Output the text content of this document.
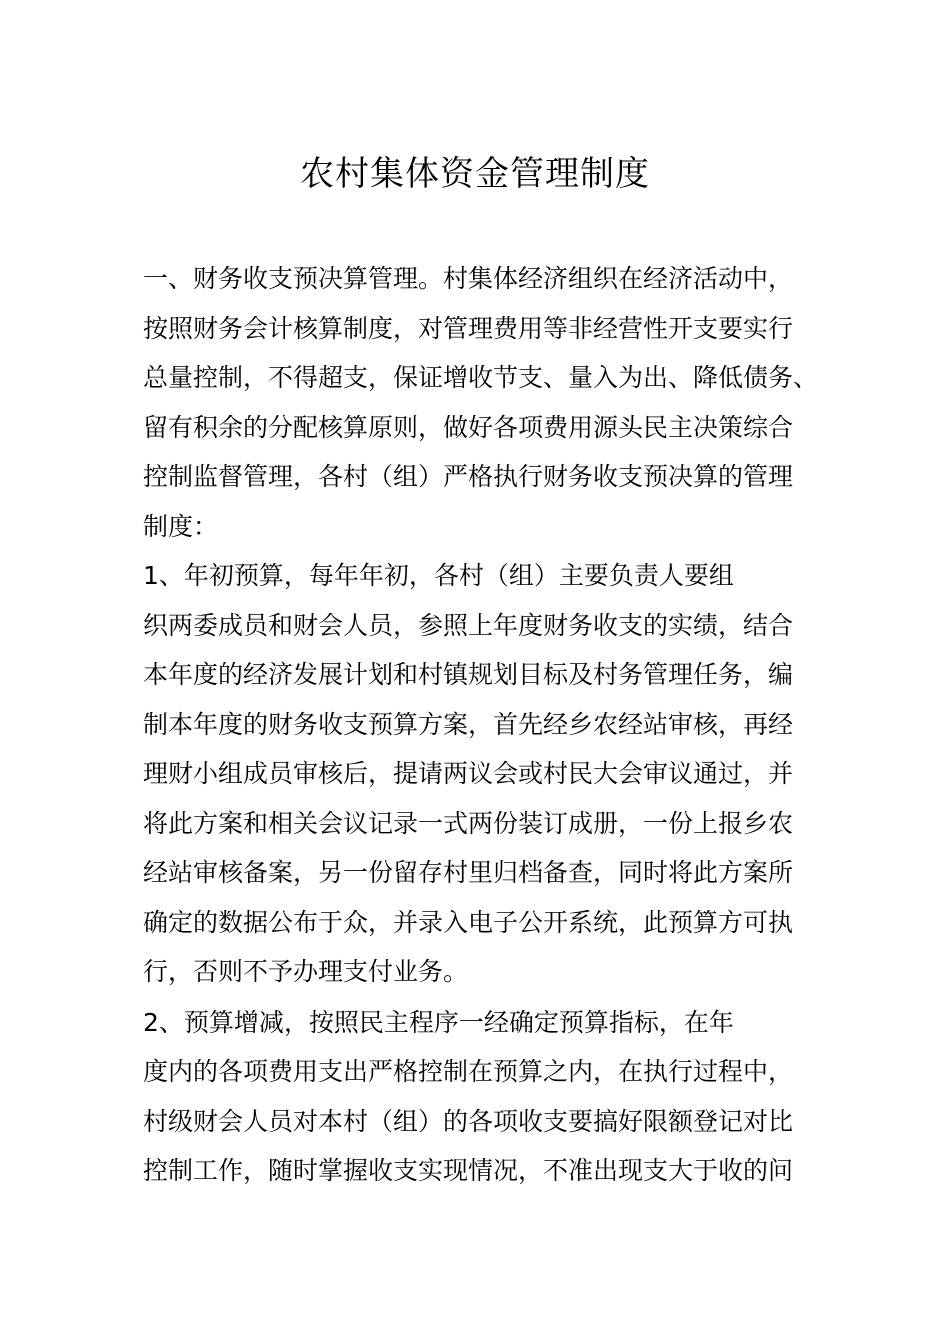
农村集体资金管理制度
一、财务收支预决算管理。村集体经济组织在经济活动中，
按照财务会计核算制度，对管理费用等非经营性开支要实行
总量控制，不得超支，保证增收节支、量入为出、降低债务、
留有积余的分配核算原则，做好各项费用源头民主决策综合
控制监督管理，各村（组）严格执行财务收支预决算的管理
制度：
1、年初预算，每年年初，各村（组）主要负责人要组
织两委成员和财会人员，参照上年度财务收支的实绩，结合
本年度的经济发展计划和村镇规划目标及村务管理任务，编
制本年度的财务收支预算方案，首先经乡农经站审核，再经
理财小组成员审核后，提请两议会或村民大会审议通过，并
将此方案和相关会议记录一式两份装订成册，一份上报乡农
经站审核备案，另一份留存村里归档备查，同时将此方案所
确定的数据公布于众，并录入电子公开系统，此预算方可执
行，否则不予办理支付业务。
2、预算增减，按照民主程序一经确定预算指标，在年
度内的各项费用支出严格控制在预算之内，在执行过程中，
村级财会人员对本村（组）的各项收支要搞好限额登记对比
控制工作，随时掌握收支实现情况，不准出现支大于收的问
